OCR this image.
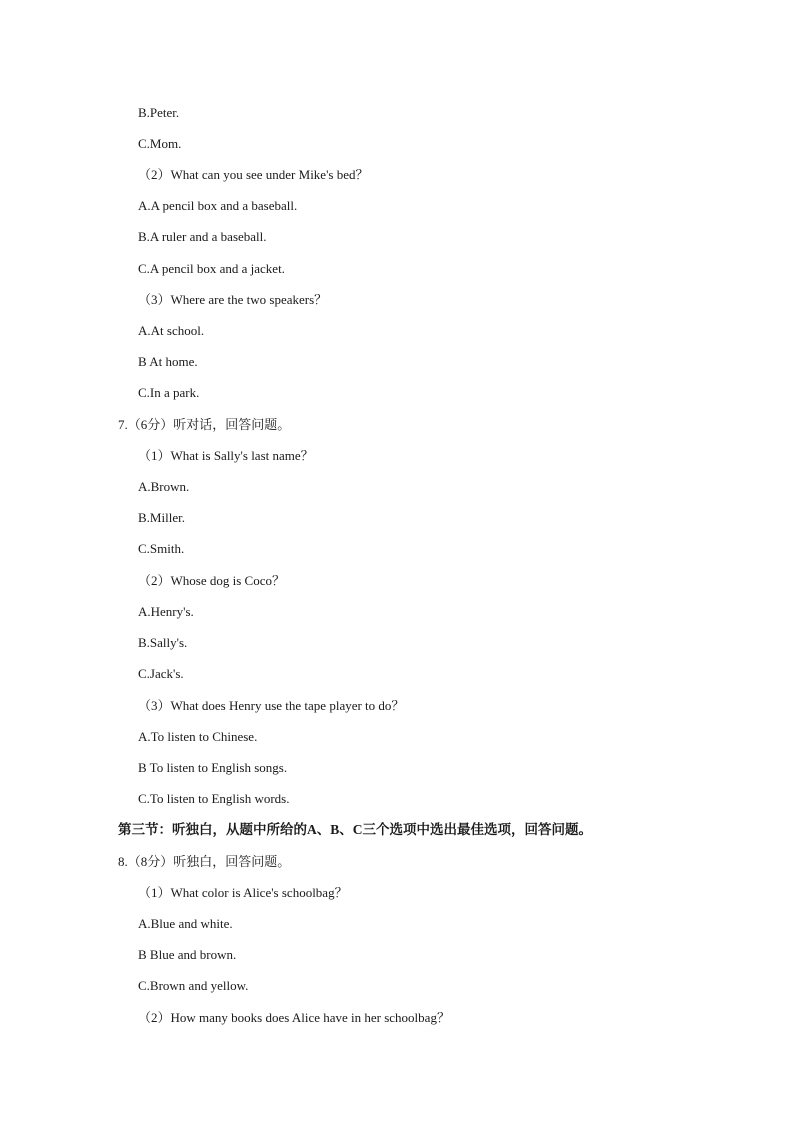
B.Peter.
C.Mom.
（2）What can you see under Mike's bed？
A.A pencil box and a baseball.
B.A ruler and a baseball.
C.A pencil box and a jacket.
（3）Where are the two speakers？
A.At school.
B At home.
C.In a park.
7.（6分）听对话，回答问题。
（1）What is Sally's last name？
A.Brown.
B.Miller.
C.Smith.
（2）Whose dog is Coco？
A.Henry's.
B.Sally's.
C.Jack's.
（3）What does Henry use the tape player to do？
A.To listen to Chinese.
B To listen to English songs.
C.To listen to English words.
第三节：听独白，从题中所给的A、B、C三个选项中选出最佳选项，回答问题。
8.（8分）听独白，回答问题。
（1）What color is Alice's schoolbag？
A.Blue and white.
B Blue and brown.
C.Brown and yellow.
（2）How many books does Alice have in her schoolbag？
